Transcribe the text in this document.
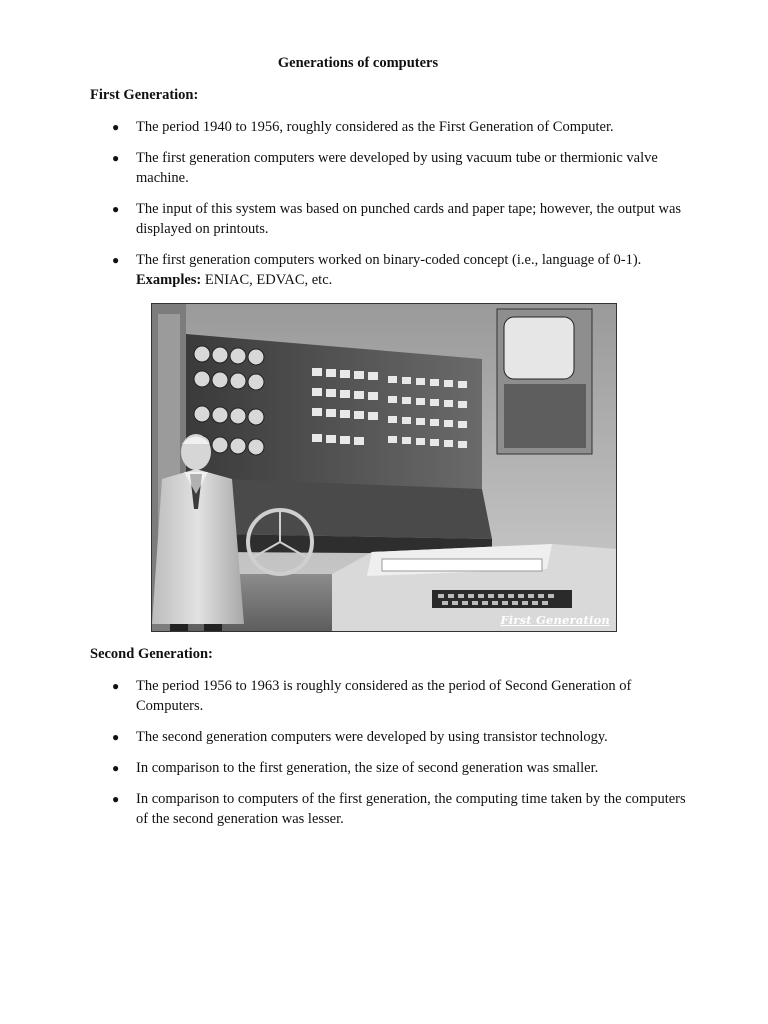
Generations of computers
First Generation:
● The period 1940 to 1956, roughly considered as the First Generation of Computer.
● The first generation computers were developed by using vacuum tube or thermionic valve machine.
● The input of this system was based on punched cards and paper tape; however, the output was displayed on printouts.
● The first generation computers worked on binary-coded concept (i.e., language of 0-1). Examples: ENIAC, EDVAC, etc.
First Generation
Second Generation:
● The period 1956 to 1963 is roughly considered as the period of Second Generation of Computers.
● The second generation computers were developed by using transistor technology.
● In comparison to the first generation, the size of second generation was smaller.
● In comparison to computers of the first generation, the computing time taken by the computers of the second generation was lesser.
